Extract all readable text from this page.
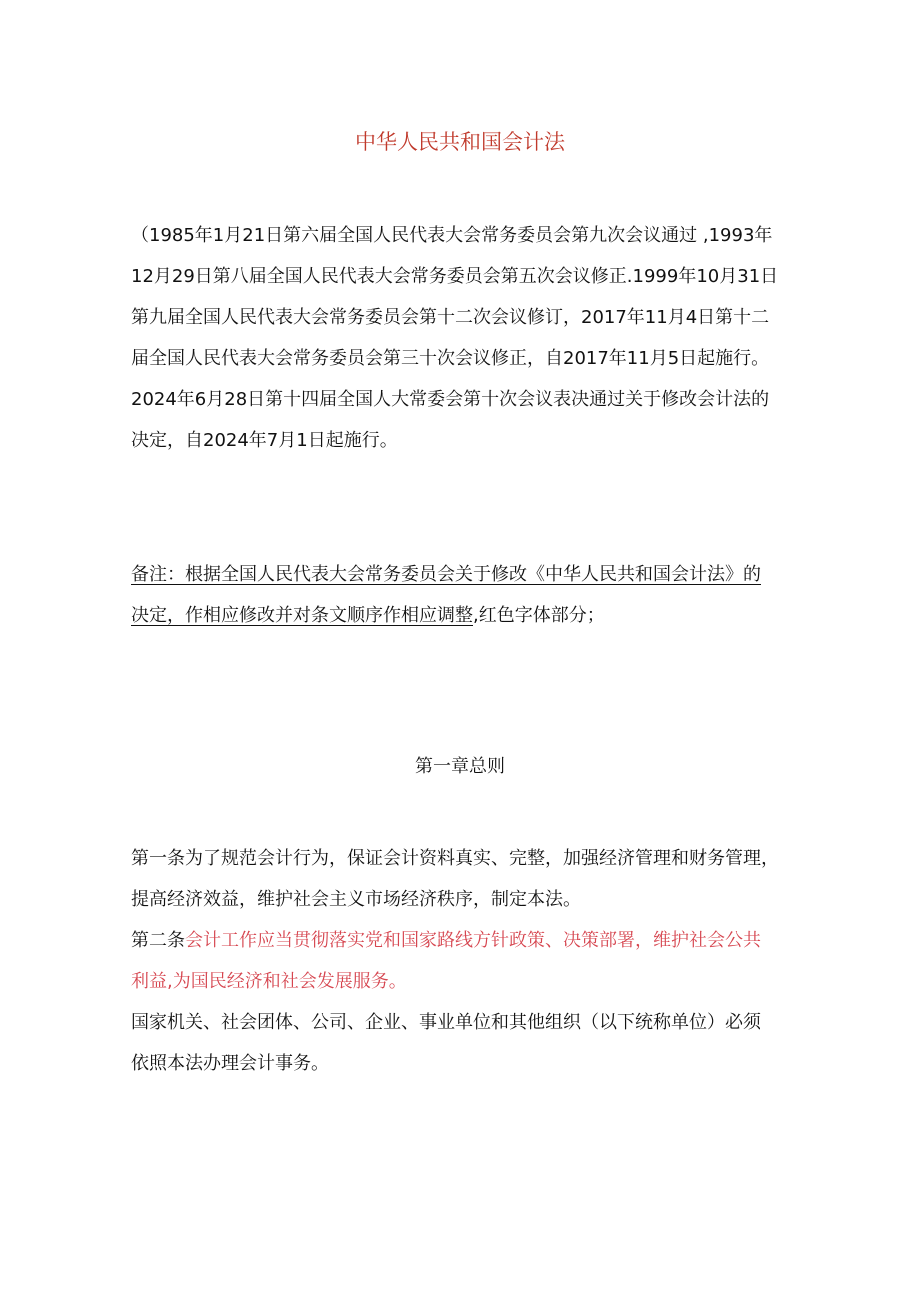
中华人民共和国会计法
（1985年1月21日第六届全国人民代表大会常务委员会第九次会议通过 ,1993年
12月29日第八届全国人民代表大会常务委员会第五次会议修正.1999年10月31日
第九届全国人民代表大会常务委员会第十二次会议修订，2017年11月4日第十二
届全国人民代表大会常务委员会第三十次会议修正，自2017年11月5日起施行。
2024年6月28日第十四届全国人大常委会第十次会议表决通过关于修改会计法的
决定，自2024年7月1日起施行。
备注：根据全国人民代表大会常务委员会关于修改《中华人民共和国会计法》的
决定，作相应修改并对条文顺序作相应调整,红色字体部分；
第一章总则
第一条为了规范会计行为，保证会计资料真实、完整，加强经济管理和财务管理，
提高经济效益，维护社会主义市场经济秩序，制定本法。
第二条会计工作应当贯彻落实党和国家路线方针政策、决策部署，维护社会公共
利益,为国民经济和社会发展服务。
国家机关、社会团体、公司、企业、事业单位和其他组织（以下统称单位）必须
依照本法办理会计事务。
